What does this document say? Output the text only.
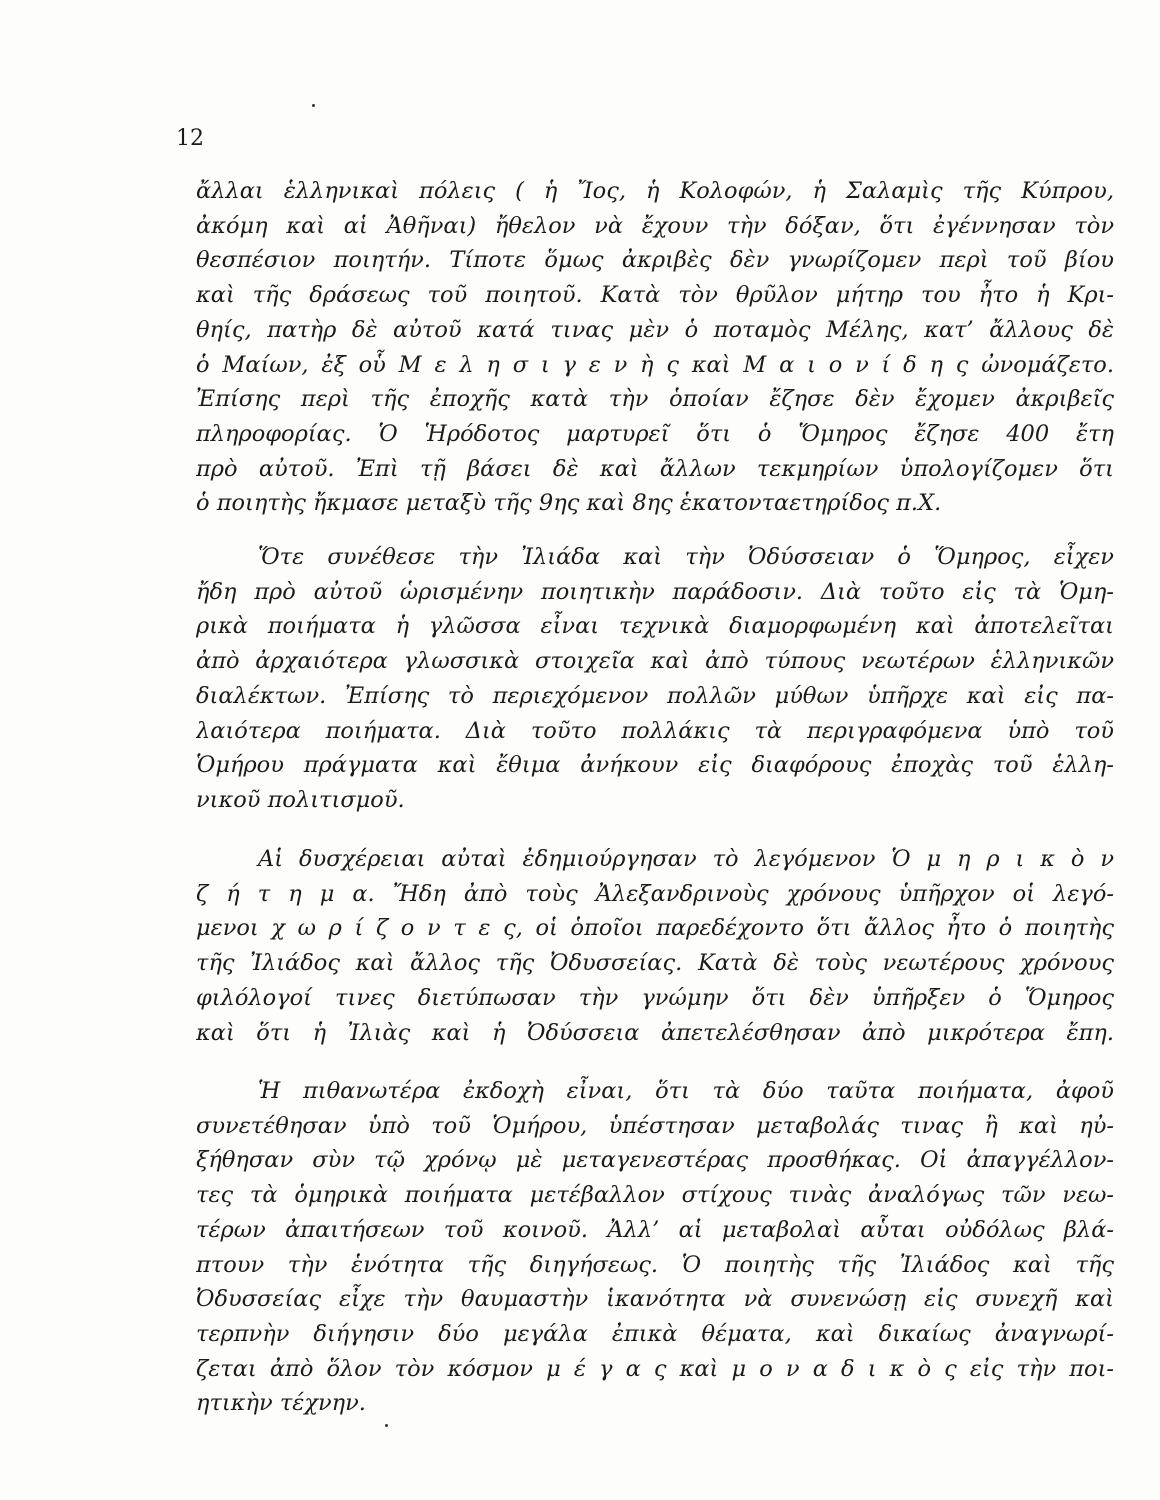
12
ἄλλαι ἑλληνικαὶ πόλεις ( ἡ Ἴος, ἡ Κολοφών, ἡ Σαλαμὶς τῆς Κύπρου,
ἀκόμη καὶ αἱ Ἀθῆναι) ἤθελον νὰ ἔχουν τὴν δόξαν, ὅτι ἐγέννησαν τὸν
θεσπέσιον ποιητήν. Τίποτε ὅμως ἀκριβὲς δὲν γνωρίζομεν περὶ τοῦ βίου
καὶ τῆς δράσεως τοῦ ποιητοῦ. Κατὰ τὸν θρῦλον μήτηρ του ἦτο ἡ Κρι-
θηίς, πατὴρ δὲ αὐτοῦ κατά τινας μὲν ὁ ποταμὸς Μέλης, κατ’ ἄλλους δὲ
ὁ Μαίων, ἐξ οὗ Μ ε λ η σ ι γ ε ν ὴ ς καὶ Μ α ι ο ν ί δ η ς ὠνομάζετο.
Ἐπίσης περὶ τῆς ἐποχῆς κατὰ τὴν ὁποίαν ἔζησε δὲν ἔχομεν ἀκριβεῖς
πληροφορίας. Ὁ Ἡρόδοτος μαρτυρεῖ ὅτι ὁ Ὅμηρος ἔζησε 400 ἔτη
πρὸ αὐτοῦ. Ἐπὶ τῇ βάσει δὲ καὶ ἄλλων τεκμηρίων ὑπολογίζομεν ὅτι
ὁ ποιητὴς ἤκμασε μεταξὺ τῆς 9ης καὶ 8ης ἑκατονταετηρίδος π.Χ.
Ὅτε συνέθεσε τὴν Ἰλιάδα καὶ τὴν Ὀδύσσειαν ὁ Ὅμηρος, εἶχεν
ἤδη πρὸ αὐτοῦ ὡρισμένην ποιητικὴν παράδοσιν. Διὰ τοῦτο εἰς τὰ Ὁμη-
ρικὰ ποιήματα ἡ γλῶσσα εἶναι τεχνικὰ διαμορφωμένη καὶ ἀποτελεῖται
ἀπὸ ἀρχαιότερα γλωσσικὰ στοιχεῖα καὶ ἀπὸ τύπους νεωτέρων ἑλληνικῶν
διαλέκτων. Ἐπίσης τὸ περιεχόμενον πολλῶν μύθων ὑπῆρχε καὶ εἰς πα-
λαιότερα ποιήματα. Διὰ τοῦτο πολλάκις τὰ περιγραφόμενα ὑπὸ τοῦ
Ὁμήρου πράγματα καὶ ἔθιμα ἀνήκουν εἰς διαφόρους ἐποχὰς τοῦ ἑλλη-
νικοῦ πολιτισμοῦ.
Αἱ δυσχέρειαι αὐταὶ ἐδημιούργησαν τὸ λεγόμενον Ὁ μ η ρ ι κ ὸ ν
ζ ή τ η μ α. Ἤδη ἀπὸ τοὺς Ἀλεξανδρινοὺς χρόνους ὑπῆρχον οἱ λεγό-
μενοι χ ω ρ ί ζ ο ν τ ε ς, οἱ ὁποῖοι παρεδέχοντο ὅτι ἄλλος ἦτο ὁ ποιητὴς
τῆς Ἰλιάδος καὶ ἄλλος τῆς Ὀδυσσείας. Κατὰ δὲ τοὺς νεωτέρους χρόνους
φιλόλογοί τινες διετύπωσαν τὴν γνώμην ὅτι δὲν ὑπῆρξεν ὁ Ὅμηρος
καὶ ὅτι ἡ Ἰλιὰς καὶ ἡ Ὀδύσσεια ἀπετελέσθησαν ἀπὸ μικρότερα ἔπη.
Ἡ πιθανωτέρα ἐκδοχὴ εἶναι, ὅτι τὰ δύο ταῦτα ποιήματα, ἀφοῦ
συνετέθησαν ὑπὸ τοῦ Ὁμήρου, ὑπέστησαν μεταβολάς τινας ἢ καὶ ηὐ-
ξήθησαν σὺν τῷ χρόνῳ μὲ μεταγενεστέρας προσθήκας. Οἱ ἀπαγγέλλον-
τες τὰ ὁμηρικὰ ποιήματα μετέβαλλον στίχους τινὰς ἀναλόγως τῶν νεω-
τέρων ἀπαιτήσεων τοῦ κοινοῦ. Ἀλλ’ αἱ μεταβολαὶ αὗται οὐδόλως βλά-
πτουν τὴν ἑνότητα τῆς διηγήσεως. Ὁ ποιητὴς τῆς Ἰλιάδος καὶ τῆς
Ὀδυσσείας εἶχε τὴν θαυμαστὴν ἱκανότητα νὰ συνενώσῃ εἰς συνεχῆ καὶ
τερπνὴν διήγησιν δύο μεγάλα ἐπικὰ θέματα, καὶ δικαίως ἀναγνωρί-
ζεται ἀπὸ ὅλον τὸν κόσμον μ έ γ α ς καὶ μ ο ν α δ ι κ ὸ ς εἰς τὴν ποι-
ητικὴν τέχνην.
